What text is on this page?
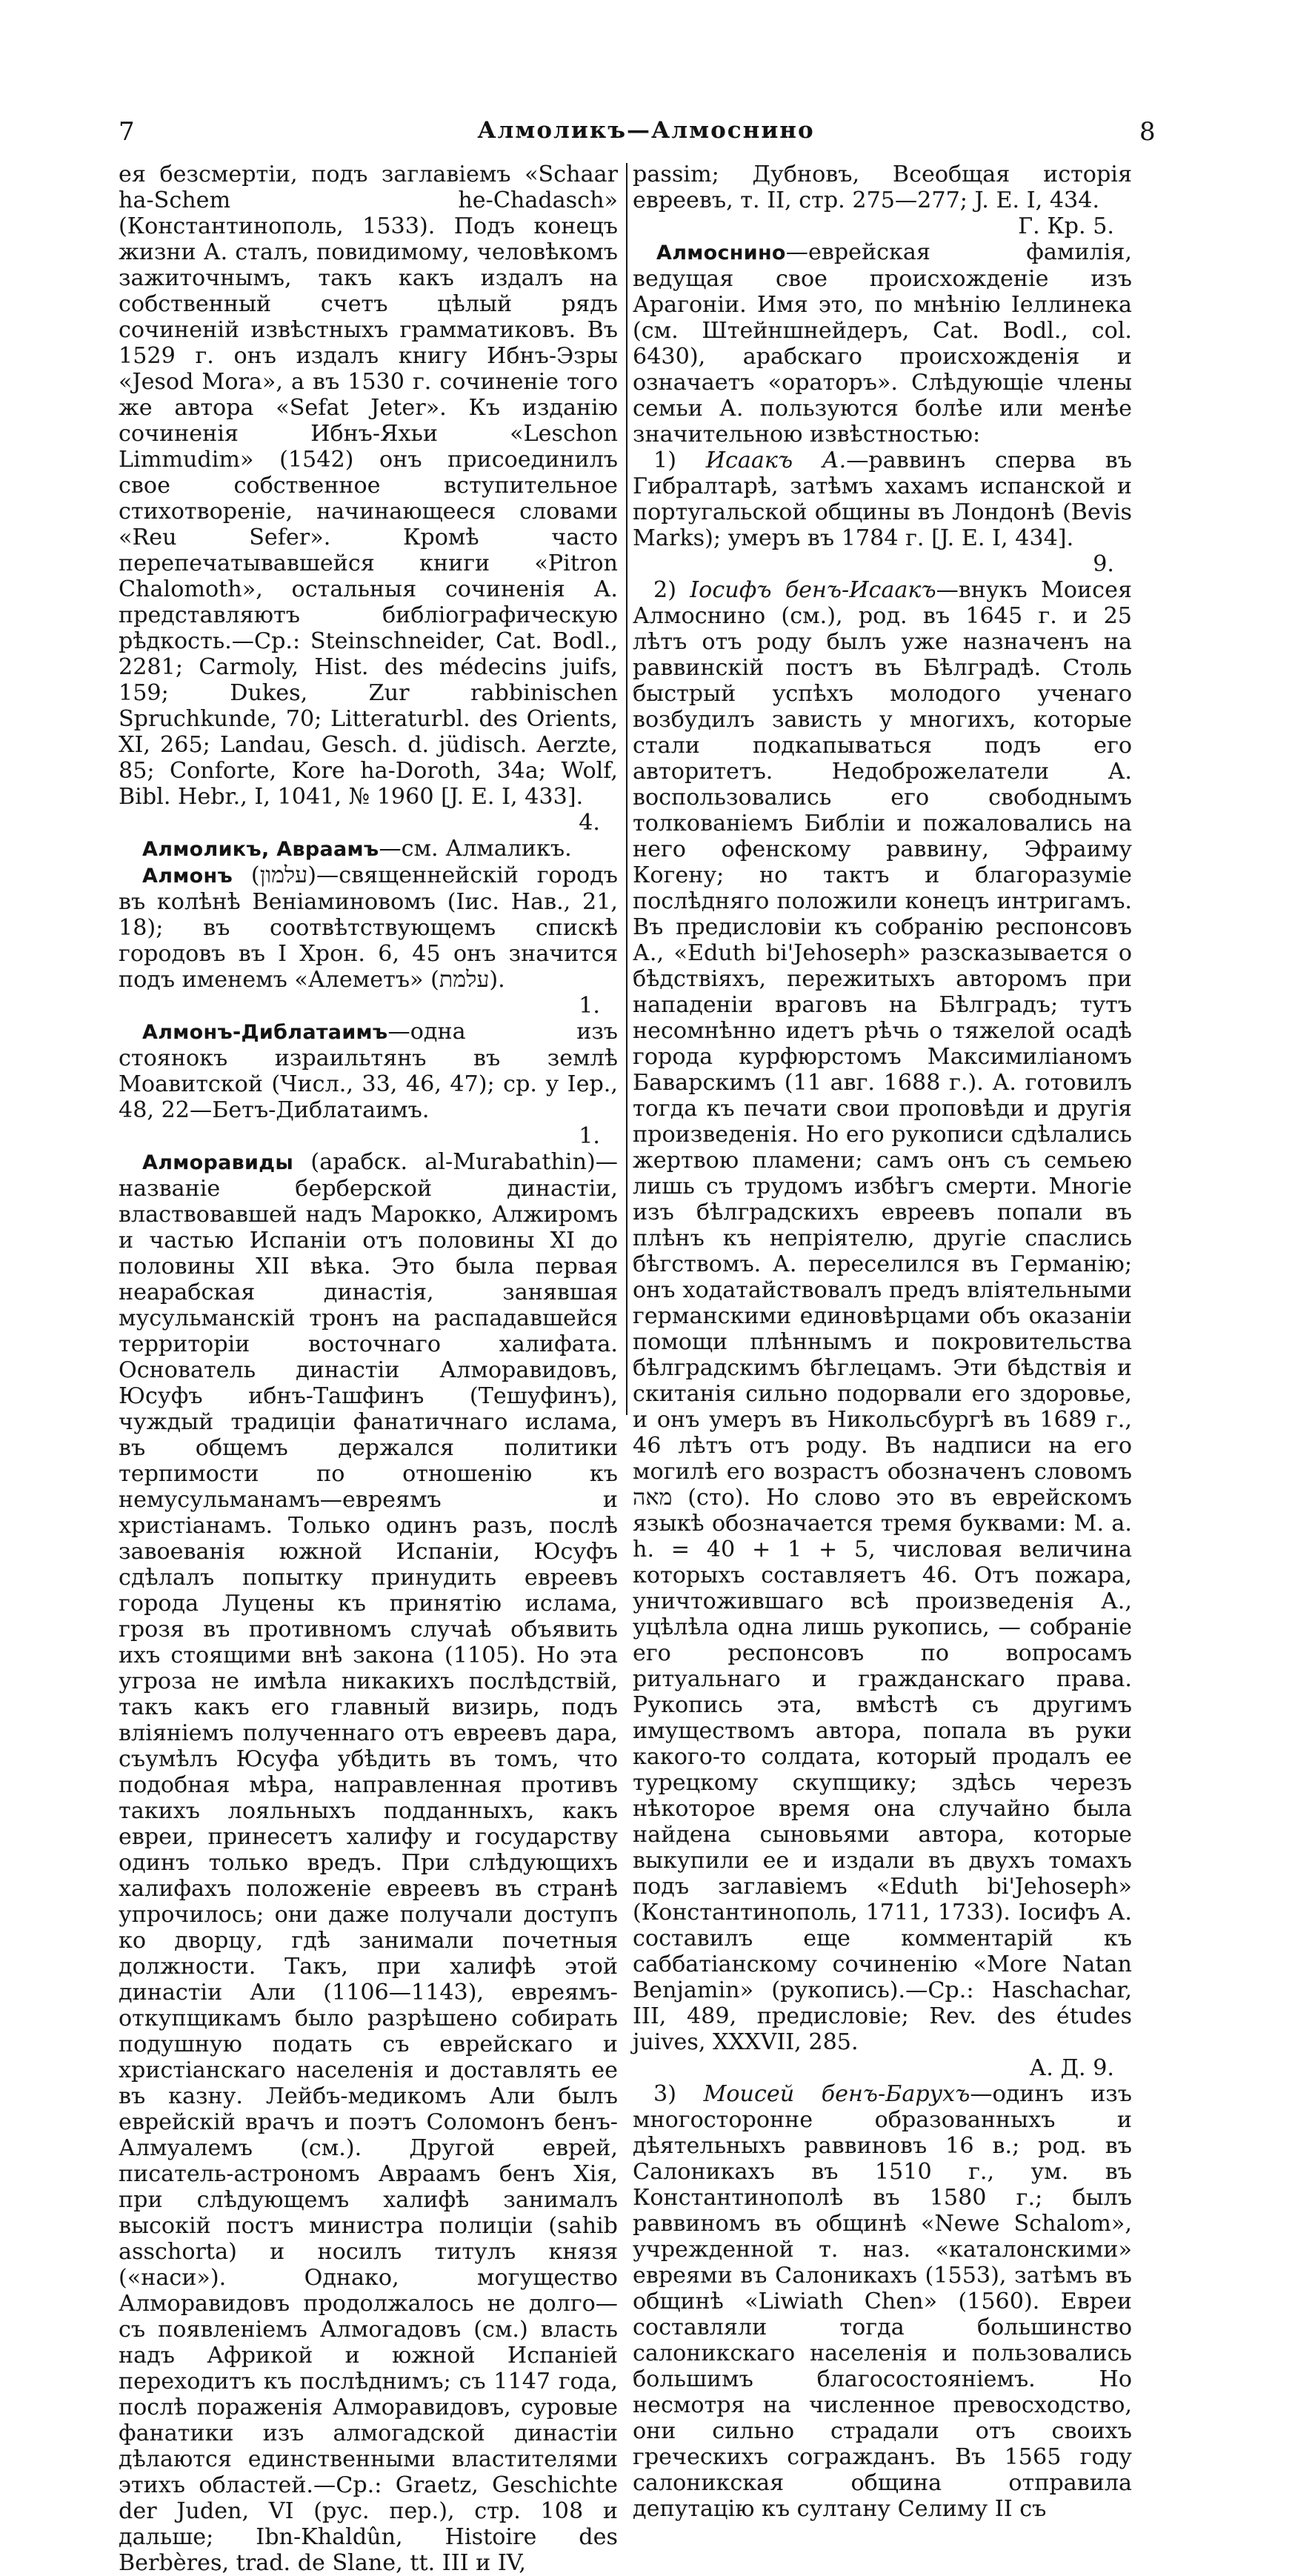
7	Алмоликъ—Алмоснино	8

ея безсмертіи, подъ заглавіемъ «Schaar ha-Schem he-Chadasch» (Константинополь, 1533). Подъ конецъ жизни А. сталъ, повидимому, человѣкомъ зажиточнымъ, такъ какъ издалъ на собственный счетъ цѣлый рядъ сочиненій извѣстныхъ грамматиковъ. Въ 1529 г. онъ издалъ книгу Ибнъ-Эзры «Jesod Mora», а въ 1530 г. сочиненіе того же автора «Sefat Jeter». Къ изданію сочиненія Ибнъ-Яхьи «Leschon Limmudim» (1542) онъ присоединилъ свое собственное вступительное стихотвореніе, начинающееся словами «Reu Sefer». Кромѣ часто перепечатывавшейся книги «Pitron Chalomoth», остальныя сочиненія А. представляютъ библіографическую рѣдкость.—Ср.: Steinschneider, Cat. Bodl., 2281; Carmoly, Hist. des médecins juifs, 159; Dukes, Zur rabbinischen Spruchkunde, 70; Litteraturbl. des Orients, XI, 265; Landau, Gesch. d. jüdisch. Aerzte, 85; Conforte, Kore ha-Doroth, 34a; Wolf, Bibl. Hebr., I, 1041, № 1960 [J. E. I, 433].
4.

Алмоликъ, Авраамъ—см. Алмаликъ.

Алмонъ (עלמון)—священнейскій городъ въ колѣнѣ Веніаминовомъ (Іис. Нав., 21, 18); въ соотвѣтствующемъ спискѣ городовъ въ I Хрон. 6, 45 онъ значится подъ именемъ «Алеметъ» (עלמת).
1.

Алмонъ-Диблатаимъ—одна изъ стоянокъ израильтянъ въ землѣ Моавитской (Числ., 33, 46, 47); ср. у Іер., 48, 22—Бетъ-Диблатаимъ.
1.

Алморавиды (арабск. al-Murabathin)—названіе берберской династіи, властвовавшей надъ Марокко, Алжиромъ и частью Испаніи отъ половины XI до половины XII вѣка. Это была первая неарабская династія, занявшая мусульманскій тронъ на распадавшейся территоріи восточнаго халифата. Основатель династіи Алморавидовъ, Юсуфъ ибнъ-Ташфинъ (Тешуфинъ), чуждый традиціи фанатичнаго ислама, въ общемъ держался политики терпимости по отношенію къ немусульманамъ—евреямъ и христіанамъ. Только одинъ разъ, послѣ завоеванія южной Испаніи, Юсуфъ сдѣлалъ попытку принудить евреевъ города Луцены къ принятію ислама, грозя въ противномъ случаѣ объявить ихъ стоящими внѣ закона (1105). Но эта угроза не имѣла никакихъ послѣдствій, такъ какъ его главный визирь, подъ вліяніемъ полученнаго отъ евреевъ дара, съумѣлъ Юсуфа убѣдить въ томъ, что подобная мѣра, направленная противъ такихъ лояльныхъ подданныхъ, какъ евреи, принесетъ халифу и государству одинъ только вредъ. При слѣдующихъ халифахъ положеніе евреевъ въ странѣ упрочилось; они даже получали доступъ ко дворцу, гдѣ занимали почетныя должности. Такъ, при халифѣ этой династіи Али (1106—1143), евреямъ-откупщикамъ было разрѣшено собирать подушную подать съ еврейскаго и христіанскаго населенія и доставлять ее въ казну. Лейбъ-медикомъ Али былъ еврейскій врачъ и поэтъ Соломонъ бенъ-Алмуалемъ (см.). Другой еврей, писатель-астрономъ Авраамъ бенъ Хія, при слѣдующемъ халифѣ занималъ высокій постъ министра полиціи (sahib asschorta) и носилъ титулъ князя («наси»). Однако, могущество Алморавидовъ продолжалось не долго—съ появленіемъ Алмогадовъ (см.) власть надъ Африкой и южной Испаніей переходитъ къ послѣднимъ; съ 1147 года, послѣ пораженія Алморавидовъ, суровые фанатики изъ алмогадской династіи дѣлаются единственными властителями этихъ областей.—Ср.: Graetz, Geschichte der Juden, VI (рус. пер.), стр. 108 и дальше; Ibn-Khaldûn, Histoire des Berbères, trad. de Slane, tt. III и IV,

passim; Дубновъ, Всеобщая исторія евреевъ, т. II, стр. 275—277; J. E. I, 434.
Г. Кр. 5.

Алмоснино—еврейская фамилія, ведущая свое происхожденіе изъ Арагоніи. Имя это, по мнѣнію Іеллинека (см. Штейншнейдеръ, Cat. Bodl., col. 6430), арабскаго происхожденія и означаетъ «ораторъ». Слѣдующіе члены семьи А. пользуются болѣе или менѣе значительною извѣстностью:

1) Исаакъ А.—раввинъ сперва въ Гибралтарѣ, затѣмъ хахамъ испанской и португальской общины въ Лондонѣ (Bevis Marks); умеръ въ 1784 г. [J. E. I, 434].
9.

2) Іосифъ бенъ-Исаакъ—внукъ Моисея Алмоснино (см.), род. въ 1645 г. и 25 лѣтъ отъ роду былъ уже назначенъ на раввинскій постъ въ Бѣлградѣ. Столь быстрый успѣхъ молодого ученаго возбудилъ зависть у многихъ, которые стали подкапываться подъ его авторитетъ. Недоброжелатели А. воспользовались его свободнымъ толкованіемъ Библіи и пожаловались на него офенскому раввину, Эфраиму Когену; но тактъ и благоразуміе послѣдняго положили конецъ интригамъ. Въ предисловіи къ собранію респонсовъ А., «Eduth bi'Jehoseph» разсказывается о бѣдствіяхъ, пережитыхъ авторомъ при нападеніи враговъ на Бѣлградъ; тутъ несомнѣнно идетъ рѣчь о тяжелой осадѣ города курфюрстомъ Максимиліаномъ Баварскимъ (11 авг. 1688 г.). А. готовилъ тогда къ печати свои проповѣди и другія произведенія. Но его рукописи сдѣлались жертвою пламени; самъ онъ съ семьею лишь съ трудомъ избѣгъ смерти. Многіе изъ бѣлградскихъ евреевъ попали въ плѣнъ къ непріятелю, другіе спаслись бѣгствомъ. А. переселился въ Германію; онъ ходатайствовалъ предъ вліятельными германскими единовѣрцами объ оказаніи помощи плѣннымъ и покровительства бѣлградскимъ бѣглецамъ. Эти бѣдствія и скитанія сильно подорвали его здоровье, и онъ умеръ въ Никольсбургѣ въ 1689 г., 46 лѣтъ отъ роду. Въ надписи на его могилѣ его возрастъ обозначенъ словомъ מאה (сто). Но слово это въ еврейскомъ языкѣ обозначается тремя буквами: М. а. h. = 40 + 1 + 5, числовая величина которыхъ составляетъ 46. Отъ пожара, уничтожившаго всѣ произведенія А., уцѣлѣла одна лишь рукопись, — собраніе его респонсовъ по вопросамъ ритуальнаго и гражданскаго права. Рукопись эта, вмѣстѣ съ другимъ имуществомъ автора, попала въ руки какого-то солдата, который продалъ ее турецкому скупщику; здѣсь черезъ нѣкоторое время она случайно была найдена сыновьями автора, которые выкупили ее и издали въ двухъ томахъ подъ заглавіемъ «Eduth bi'Jehoseph» (Константинополь, 1711, 1733). Іосифъ А. составилъ еще комментарій къ саббатіанскому сочиненію «More Natan Benjamin» (рукопись).—Ср.: Haschachar, III, 489, предисловіе; Rev. des études juives, XXXVII, 285.
А. Д. 9.

3) Моисей бенъ-Барухъ—одинъ изъ многосторонне образованныхъ и дѣятельныхъ раввиновъ 16 в.; род. въ Салоникахъ въ 1510 г., ум. въ Константинополѣ въ 1580 г.; былъ раввиномъ въ общинѣ «Newe Schalom», учрежденной т. наз. «каталонскими» евреями въ Салоникахъ (1553), затѣмъ въ общинѣ «Liwiath Chen» (1560). Евреи составляли тогда большинство салоникскаго населенія и пользовались большимъ благосостояніемъ. Но несмотря на численное превосходство, они сильно страдали отъ своихъ греческихъ согражданъ. Въ 1565 году салоникская община отправила депутацію къ султану Селиму II съ
